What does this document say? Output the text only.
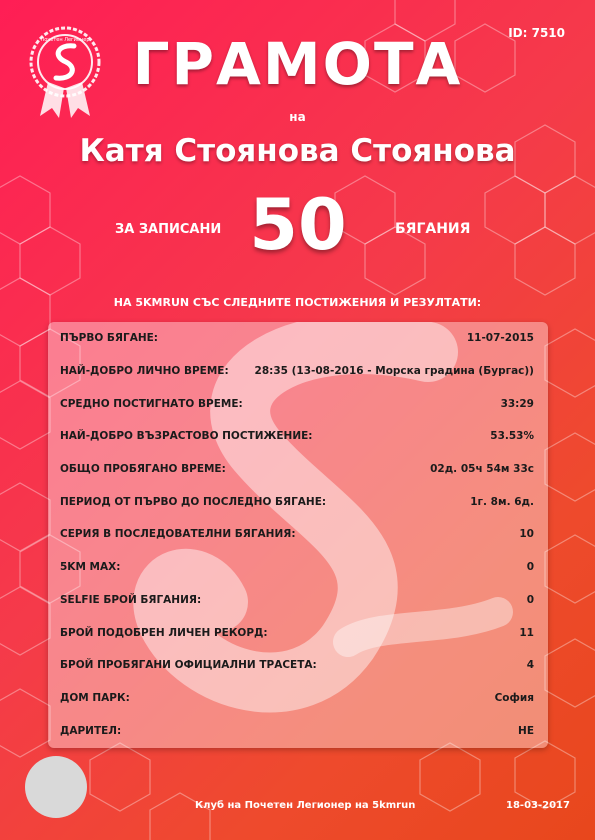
Почетен Легионер	ID: 7510
ГРАМОТА
на
Катя Стоянова Стоянова
ЗА ЗАПИСАНИ 50	БЯГАНИЯ
НА 5KMRUN СЪС СЛЕДНИТЕ ПОСТИЖЕНИЯ И РЕЗУЛТАТИ:
ПЪРВО БЯГАНЕ:	11-07-2015
НАЙ-ДОБРО ЛИЧНО ВРЕМЕ: 28:35 (13-08-2016 - Морска градина (Бургас))
СРЕДНО ПОСТИГНАТО ВРЕМЕ:	33:29
НАЙ-ДОБРО ВЪЗРАСТОВО ПОСТИЖЕНИЕ:	53.53%
ОБЩО ПРОБЯГАНО ВРЕМЕ:	02д. 05ч 54м 33с
ПЕРИОД ОТ ПЪРВО ДО ПОСЛЕДНО БЯГАНЕ:	1г. 8м. 6д.
СЕРИЯ В ПОСЛЕДОВАТЕЛНИ БЯГАНИЯ:	10
5KM MAX:	0
SELFIE БРОЙ БЯГАНИЯ:	0
БРОЙ ПОДОБРЕН ЛИЧЕН РЕКОРД:	11
БРОЙ ПРОБЯГАНИ ОФИЦИАЛНИ ТРАСЕТА:	4
ДОМ ПАРК:	София
ДАРИТЕЛ:	НЕ
Клуб на Почетен Легионер на 5kmrun	18-03-2017
